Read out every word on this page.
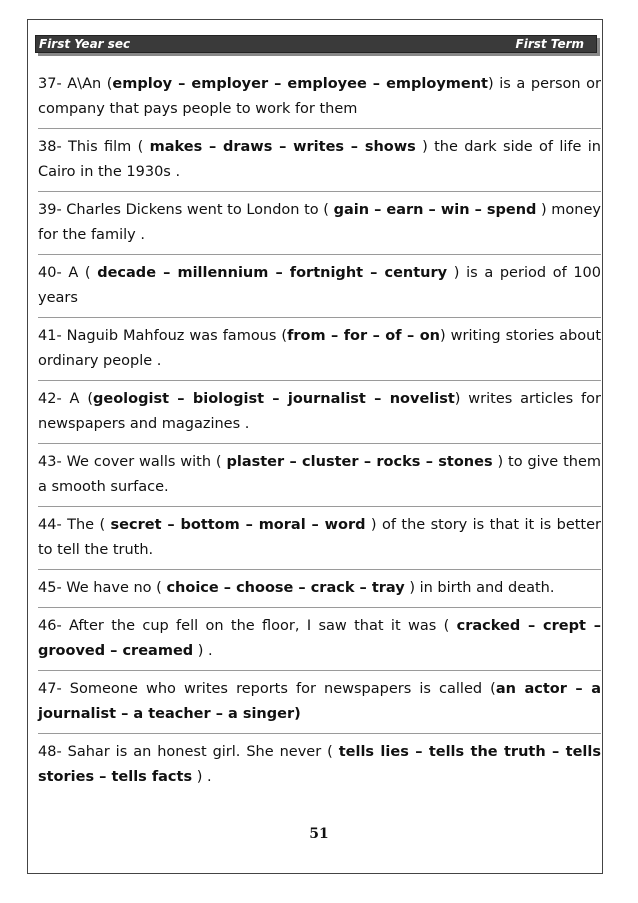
First Year sec	First Term
37- A\An (employ – employer – employee – employment) is a person or company that pays people to work for them
38- This film ( makes – draws – writes – shows ) the dark side of life in Cairo in the 1930s .
39- Charles Dickens went to London to ( gain – earn – win – spend ) money for the family .
40- A ( decade – millennium – fortnight – century ) is a period of 100 years
41- Naguib Mahfouz was famous (from – for – of – on) writing stories about ordinary people .
42- A (geologist – biologist – journalist – novelist) writes articles for newspapers and magazines .
43- We cover walls with ( plaster – cluster – rocks – stones ) to give them a smooth surface.
44- The ( secret – bottom – moral – word ) of the story is that it is better to tell the truth.
45- We have no ( choice – choose – crack – tray ) in birth and death.
46- After the cup fell on the floor, I saw that it was ( cracked – crept – grooved – creamed ) .
47- Someone who writes reports for newspapers is called (an actor – a journalist – a teacher – a singer)
48- Sahar is an honest girl. She never ( tells lies – tells the truth – tells stories – tells facts ) .
51
